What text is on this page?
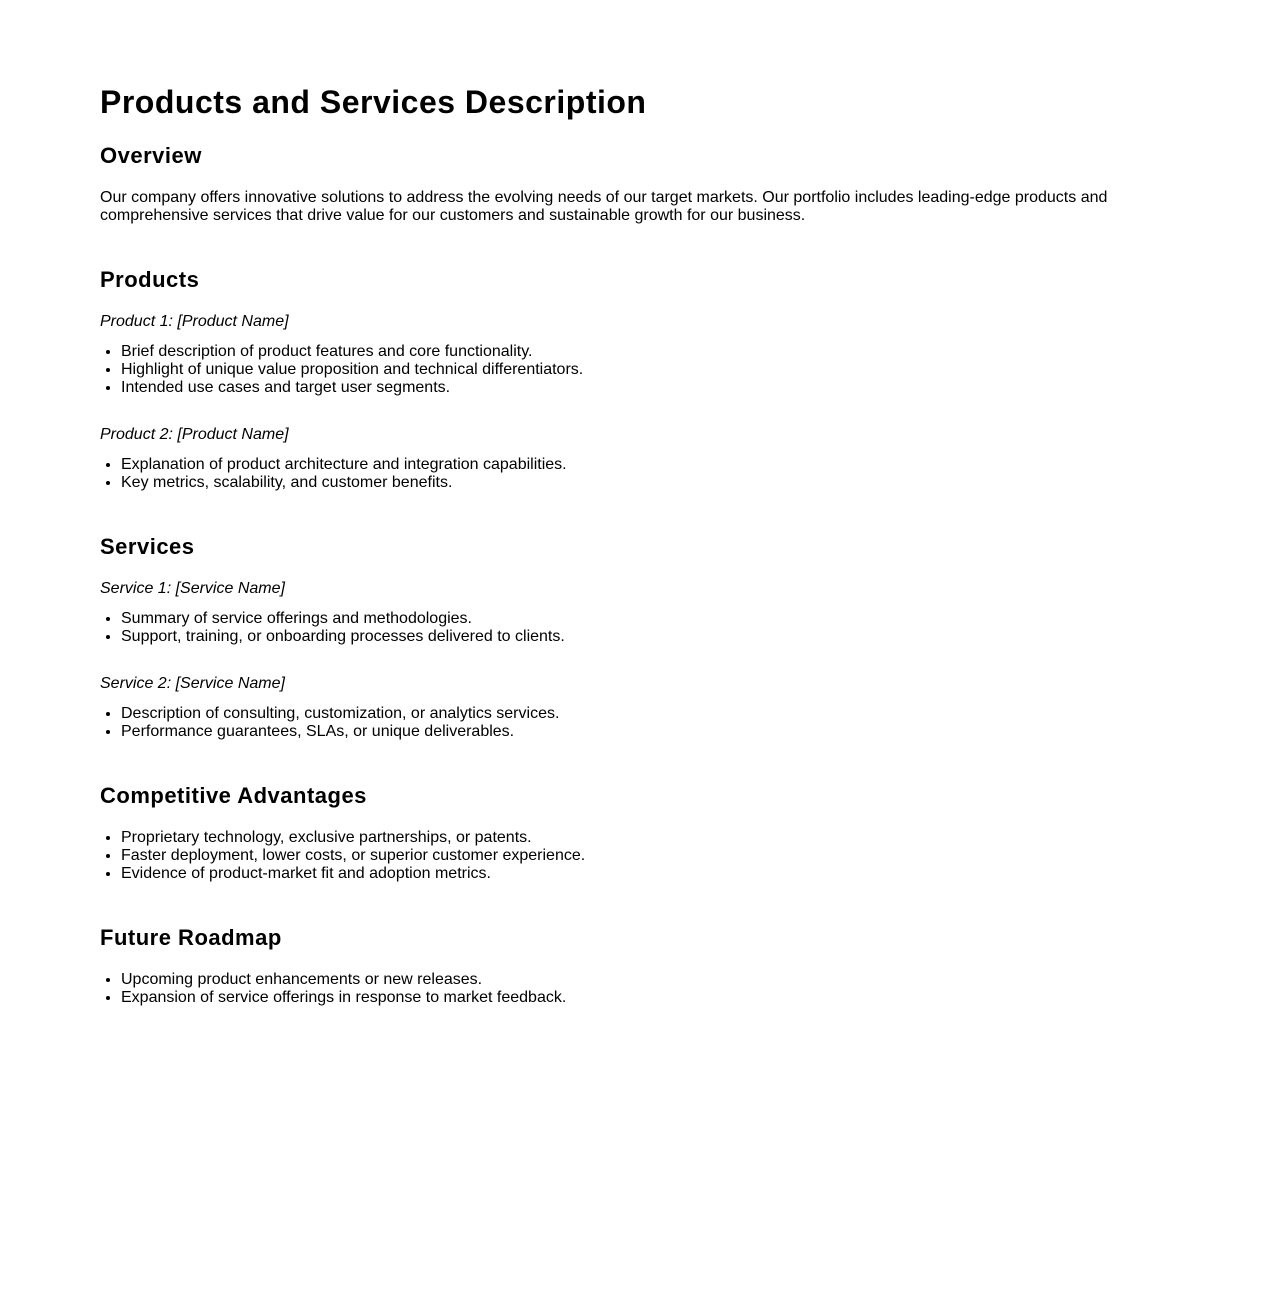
Products and Services Description
Overview

Our company offers innovative solutions to address the evolving needs of our target markets. Our portfolio includes leading-edge products and comprehensive services that drive value for our customers and sustainable growth for our business.

Products

Product 1: [Product Name]

• Brief description of product features and core functionality.
• Highlight of unique value proposition and technical differentiators.
• Intended use cases and target user segments.

Product 2: [Product Name]

• Explanation of product architecture and integration capabilities.
• Key metrics, scalability, and customer benefits.
Services

Service 1: [Service Name]

• Summary of service offerings and methodologies.
• Support, training, or onboarding processes delivered to clients.

Service 2: [Service Name]

• Description of consulting, customization, or analytics services.
• Performance guarantees, SLAs, or unique deliverables.
Competitive Advantages
• Proprietary technology, exclusive partnerships, or patents.
• Faster deployment, lower costs, or superior customer experience.
• Evidence of product-market fit and adoption metrics.
Future Roadmap
• Upcoming product enhancements or new releases.
• Expansion of service offerings in response to market feedback.
